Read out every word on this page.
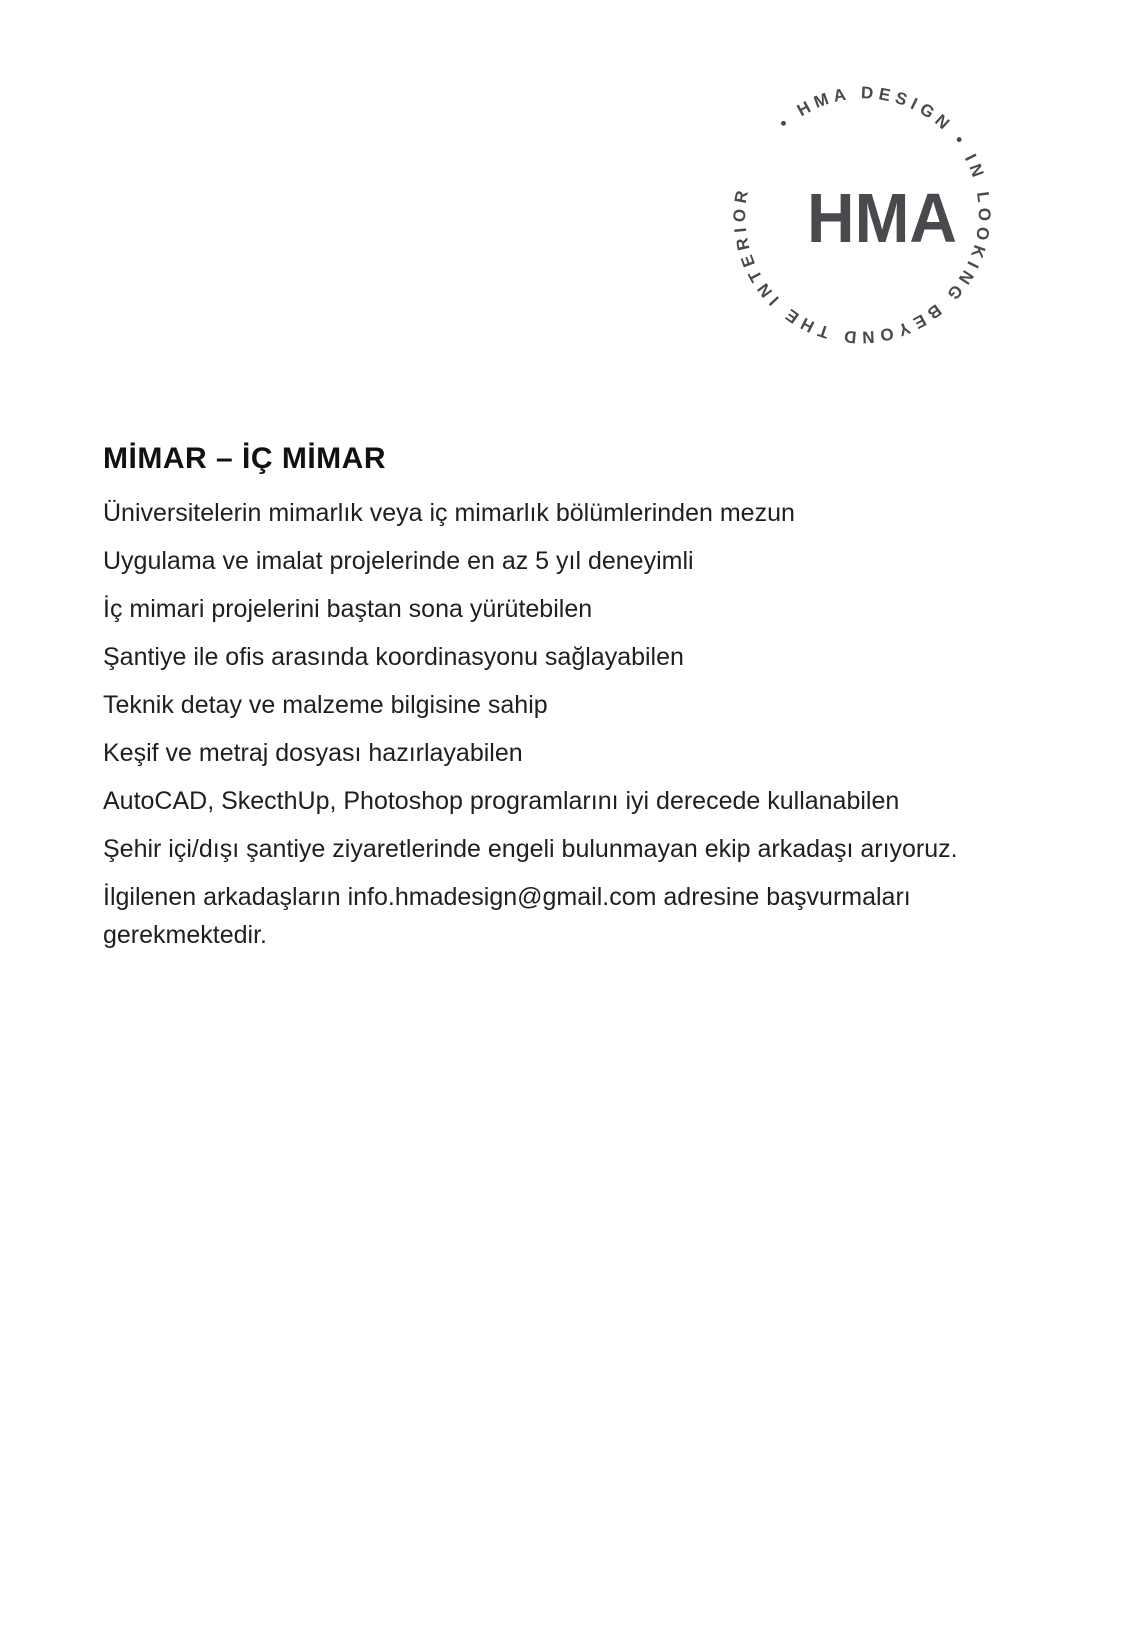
• HMA DESIGN • IN LOOKING BEYOND THE INTERIOR HMA
MİMAR – İÇ MİMAR

Üniversitelerin mimarlık veya iç mimarlık bölümlerinden mezun

Uygulama ve imalat projelerinde en az 5 yıl deneyimli

İç mimari projelerini baştan sona yürütebilen

Şantiye ile ofis arasında koordinasyonu sağlayabilen

Teknik detay ve malzeme bilgisine sahip

Keşif ve metraj dosyası hazırlayabilen

AutoCAD, SkecthUp, Photoshop programlarını iyi derecede kullanabilen

Şehir içi/dışı şantiye ziyaretlerinde engeli bulunmayan ekip arkadaşı arıyoruz.

İlgilenen arkadaşların info.hmadesign@gmail.com adresine başvurmaları gerekmektedir.
